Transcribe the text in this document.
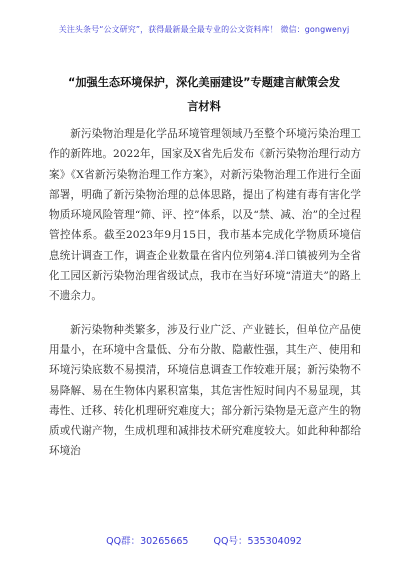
关注头条号“公文研究”，获得最新最全最专业的公文资料库！ 微信：gongwenyj
“加强生态环境保护，深化美丽建设”专题建言献策会发
言材料

新污染物治理是化学品环境管理领域乃至整个环境污染治理工作的新阵地。2022年，国家及X省先后发布《新污染物治理行动方案》《X省新污染物治理工作方案》，对新污染物治理工作进行全面部署，明确了新污染物治理的总体思路，提出了构建有毒有害化学物质环境风险管理“筛、评、控”体系，以及“禁、减、治”的全过程管控体系。截至2023年9月15日，我市基本完成化学物质环境信息统计调查工作，调查企业数量在省内位列第4.洋口镇被列为全省化工园区新污染物治理省级试点，我市在当好环境“清道夫”的路上不遗余力。

新污染物种类繁多，涉及行业广泛、产业链长，但单位产品使用量小，在环境中含量低、分布分散、隐蔽性强，其生产、使用和环境污染底数不易摸清，环境信息调查工作较难开展；新污染物不易降解、易在生物体内累积富集，其危害性短时间内不易显现，其毒性、迁移、转化机理研究难度大；部分新污染物是无意产生的物质或代谢产物，生成机理和减排技术研究难度较大。如此种种都给环境治

QQ群：30265665	QQ号：535304092
